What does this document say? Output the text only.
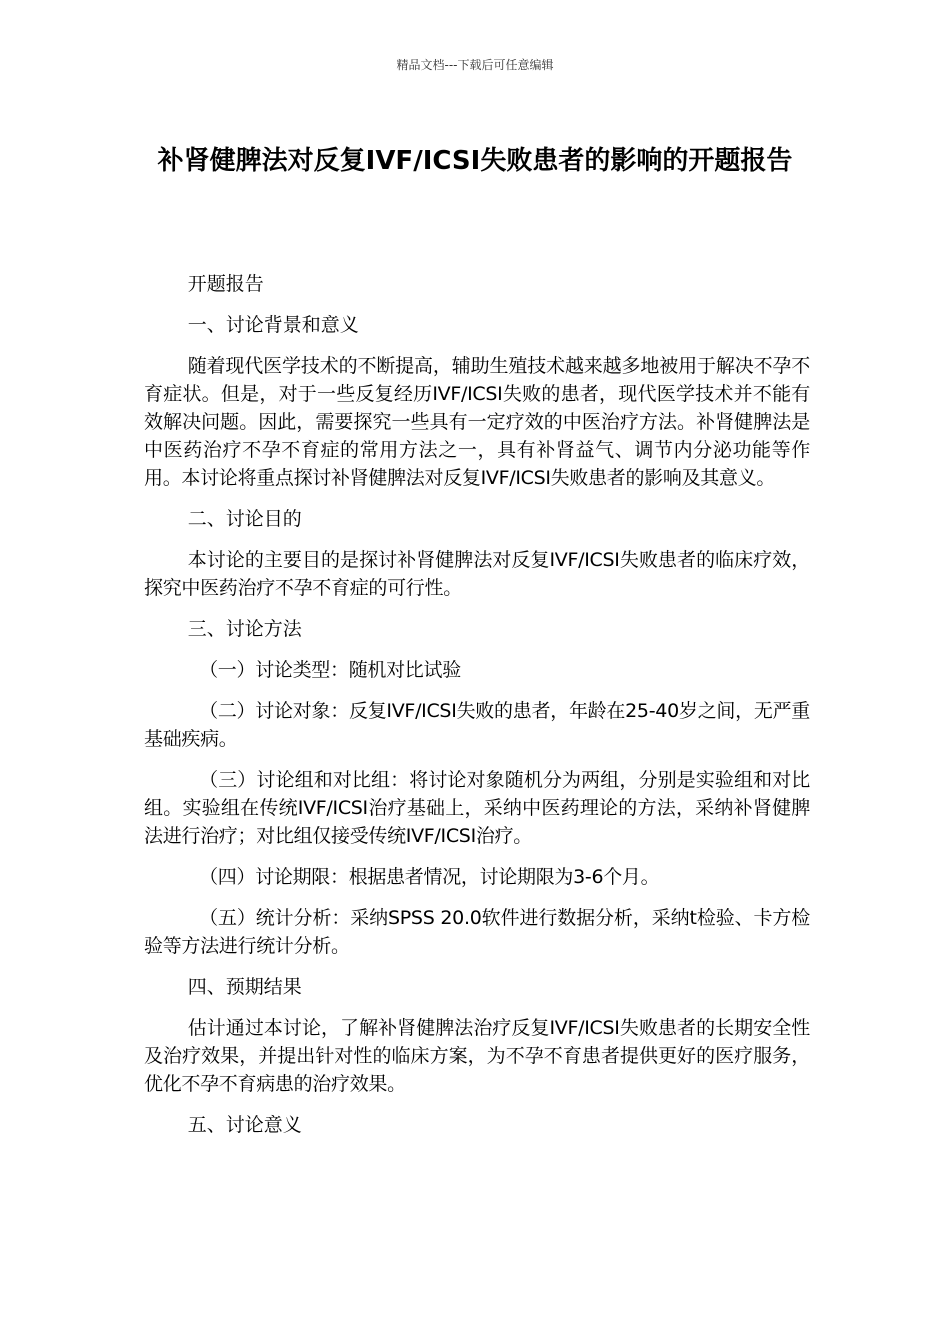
精品文档---下载后可任意编辑
补肾健脾法对反复IVF/ICSI失败患者的影响的开题报告

开题报告

一、讨论背景和意义

随着现代医学技术的不断提高，辅助生殖技术越来越多地被用于解决不孕不育症状。但是，对于一些反复经历IVF/ICSI失败的患者，现代医学技术并不能有效解决问题。因此，需要探究一些具有一定疗效的中医治疗方法。补肾健脾法是中医药治疗不孕不育症的常用方法之一，具有补肾益气、调节内分泌功能等作用。本讨论将重点探讨补肾健脾法对反复IVF/ICSI失败患者的影响及其意义。

二、讨论目的

本讨论的主要目的是探讨补肾健脾法对反复IVF/ICSI失败患者的临床疗效，探究中医药治疗不孕不育症的可行性。

三、讨论方法

（一）讨论类型：随机对比试验

（二）讨论对象：反复IVF/ICSI失败的患者，年龄在25-40岁之间，无严重基础疾病。

（三）讨论组和对比组：将讨论对象随机分为两组，分别是实验组和对比组。实验组在传统IVF/ICSI治疗基础上，采纳中医药理论的方法，采纳补肾健脾法进行治疗；对比组仅接受传统IVF/ICSI治疗。

（四）讨论期限：根据患者情况，讨论期限为3-6个月。

（五）统计分析：采纳SPSS 20.0软件进行数据分析，采纳t检验、卡方检验等方法进行统计分析。

四、预期结果

估计通过本讨论，了解补肾健脾法治疗反复IVF/ICSI失败患者的长期安全性及治疗效果，并提出针对性的临床方案，为不孕不育患者提供更好的医疗服务，优化不孕不育病患的治疗效果。

五、讨论意义
